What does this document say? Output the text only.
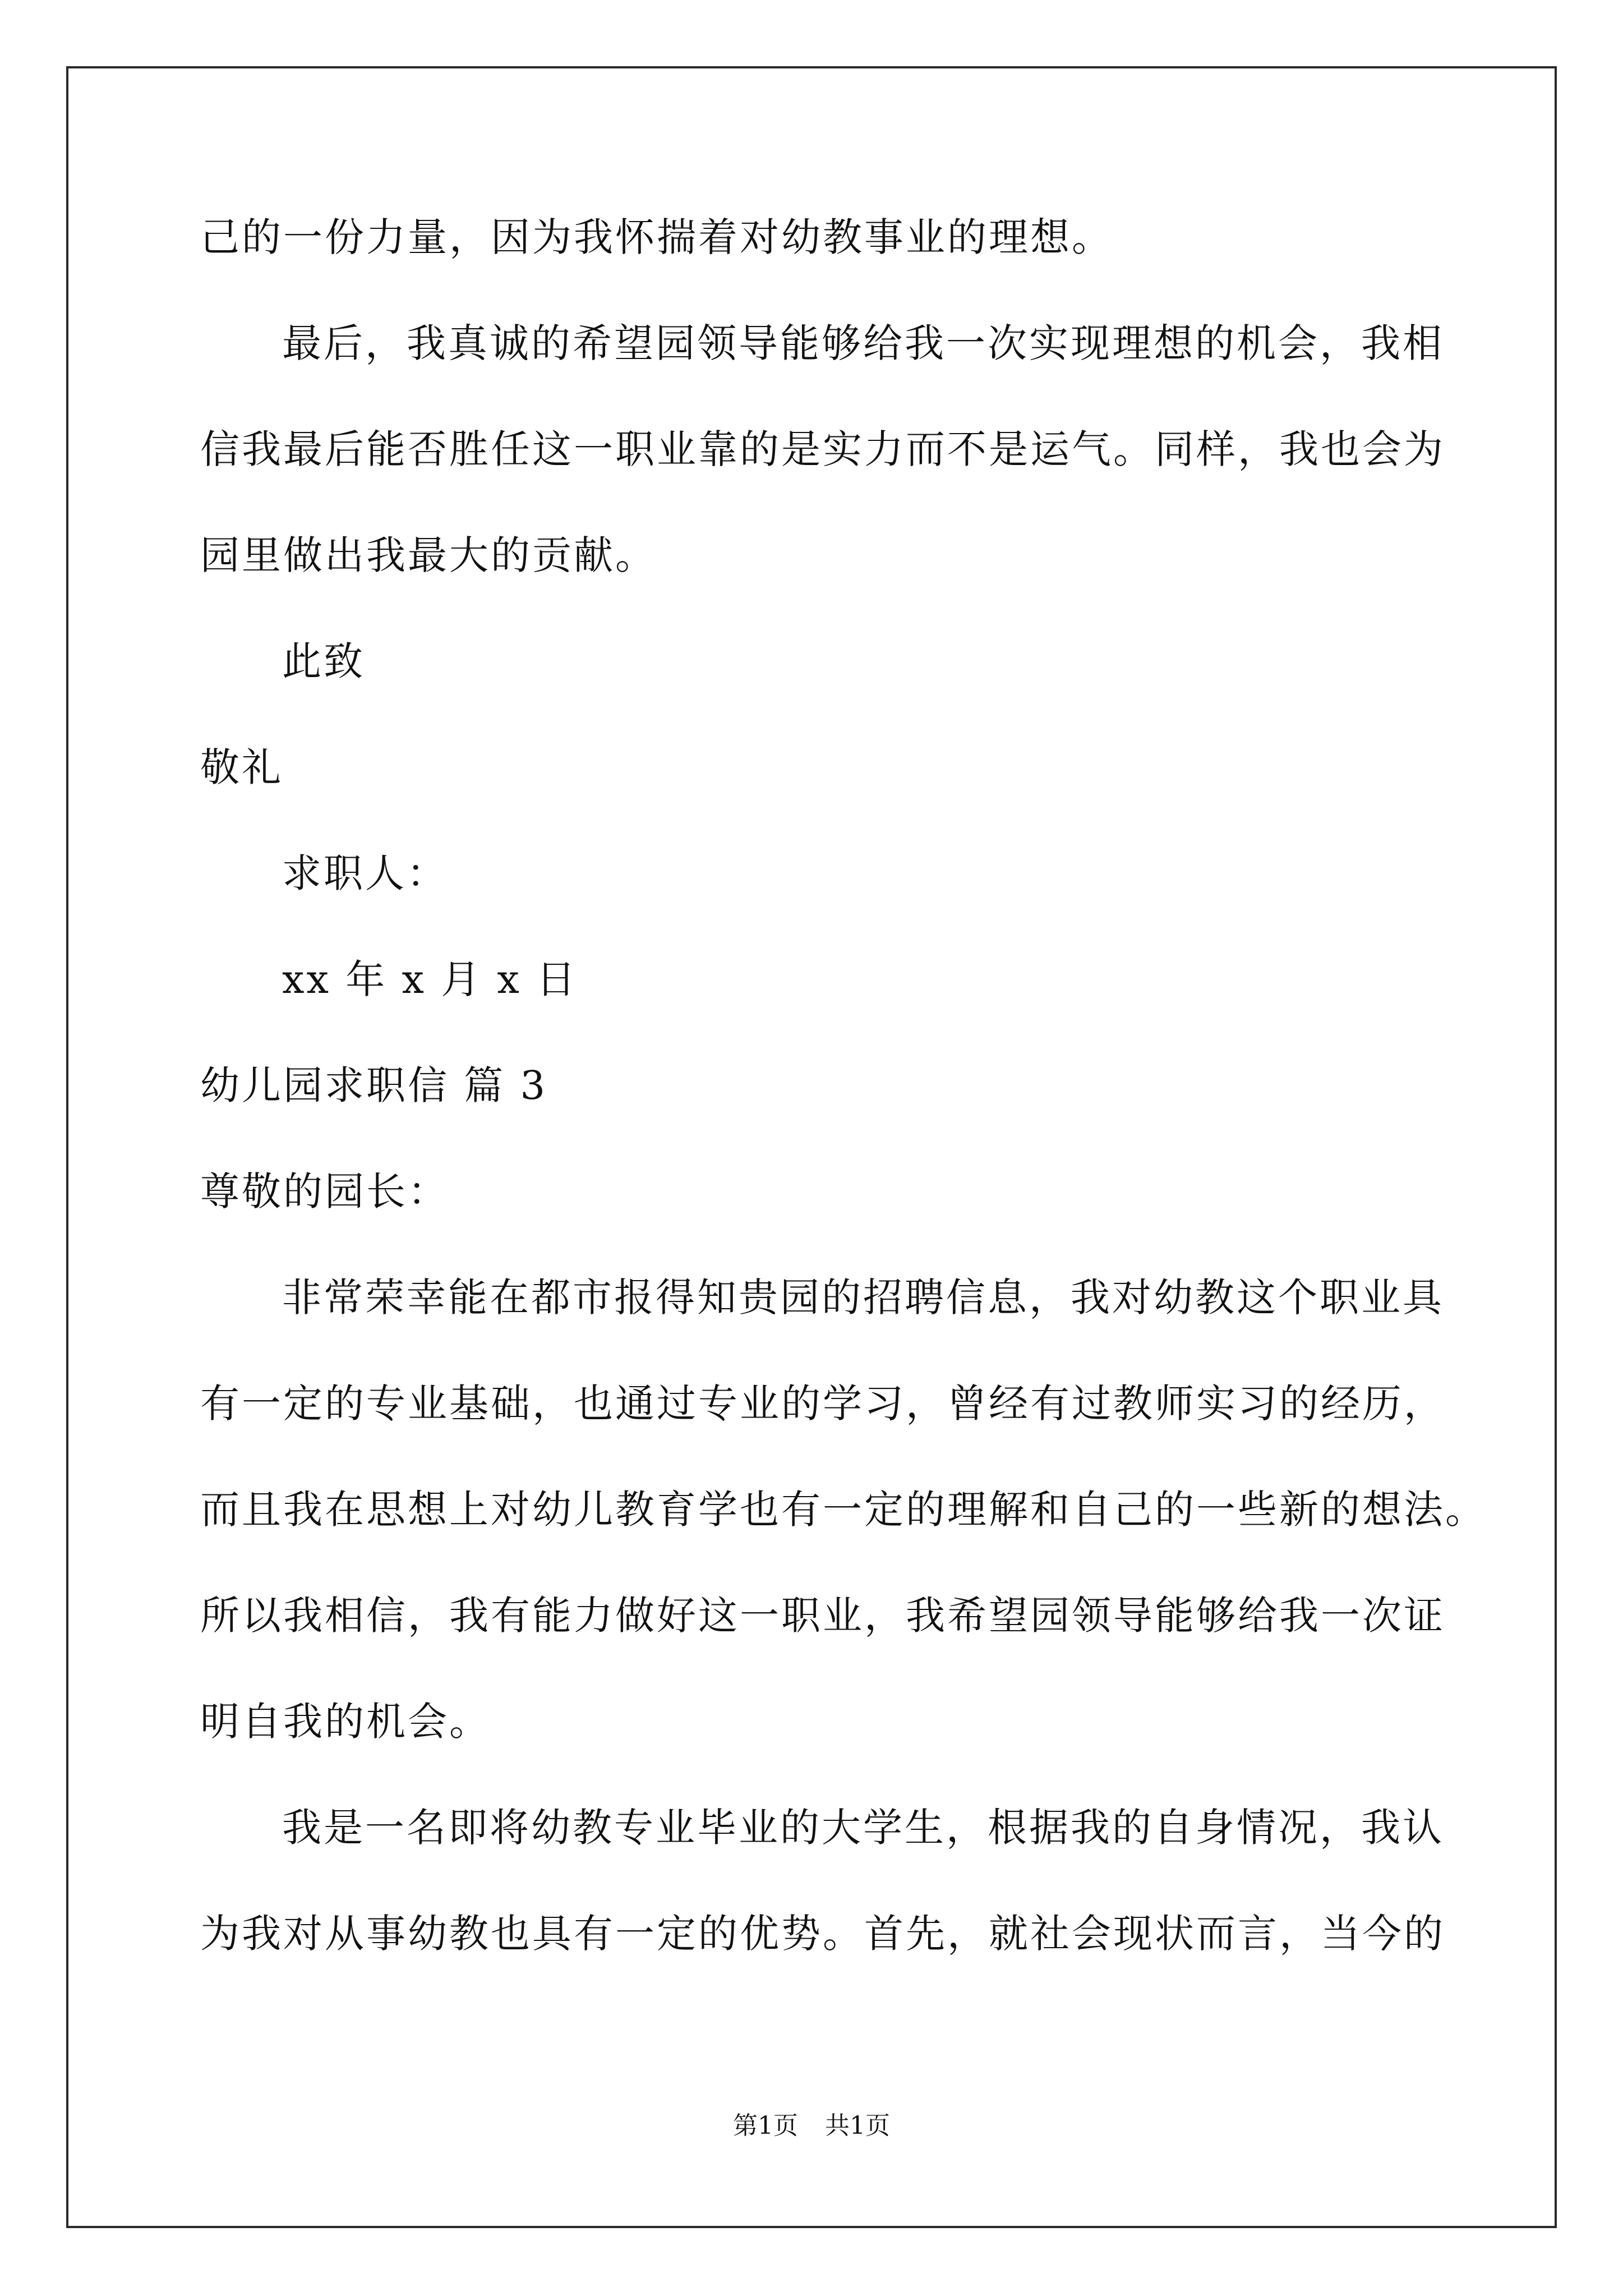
己的一份力量，因为我怀揣着对幼教事业的理想。
最后，我真诚的希望园领导能够给我一次实现理想的机会，我相
信我最后能否胜任这一职业靠的是实力而不是运气。同样，我也会为
园里做出我最大的贡献。
此致
敬礼
求职人：
xx 年 x 月 x 日
幼儿园求职信 篇 3
尊敬的园长：
非常荣幸能在都市报得知贵园的招聘信息，我对幼教这个职业具
有一定的专业基础，也通过专业的学习，曾经有过教师实习的经历，
而且我在思想上对幼儿教育学也有一定的理解和自己的一些新的想法。
所以我相信，我有能力做好这一职业，我希望园领导能够给我一次证
明自我的机会。
我是一名即将幼教专业毕业的大学生，根据我的自身情况，我认
为我对从事幼教也具有一定的优势。首先，就社会现状而言，当今的
第1页 共1页
